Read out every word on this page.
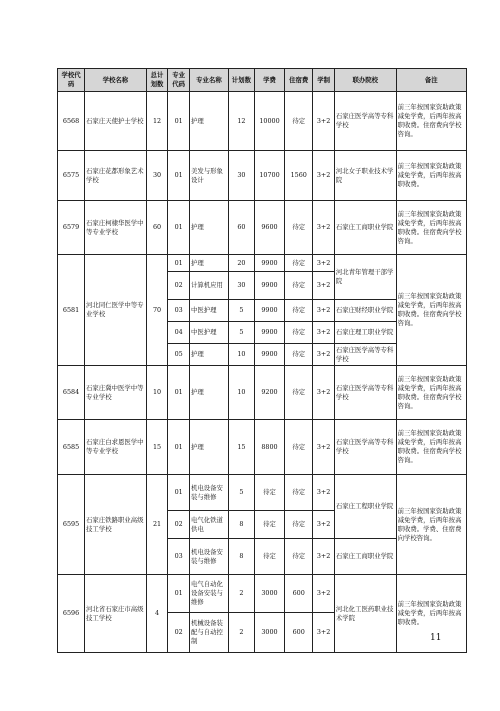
学校代码	学校名称	总计划数	专业代码	专业名称	计划数	学费	住宿费	学制	联办院校	备注
6568	石家庄天使护士学校	12	01	护理	12	10000	待定	3+2	石家庄医学高等专科学校	前三年按国家资助政策减免学费，后两年按高职收费。住宿费向学校咨询。
6575	石家庄花都形象艺术学校	30	01	美发与形象设计	30	10700	1560	3+2	河北女子职业技术学院	前三年按国家资助政策减免学费，后两年按高职收费。
6579	石家庄柯棣华医学中等专业学校	60	01	护理	60	9600	待定	3+2	石家庄工商职业学院	前三年按国家资助政策减免学费，后两年按高职收费。住宿费向学校咨询。
6581	河北同仁医学中等专业学校	70	01	护理	20	9900	待定	3+2	河北青年管理干部学院	前三年按国家资助政策减免学费，后两年按高职收费。住宿费向学校咨询。
			02	计算机应用	30	9900	待定	3+2		
			03	中医护理	5	9900	待定	3+2	石家庄财经职业学院	
			04	中医护理	5	9900	待定	3+2	石家庄理工职业学院	
			05	护理	10	9900	待定	3+2	石家庄医学高等专科学校	
6584	石家庄冀中医学中等专业学校	10	01	护理	10	9200	待定	3+2	石家庄医学高等专科学校	前三年按国家资助政策减免学费，后两年按高职收费。住宿费向学校咨询。
6585	石家庄白求恩医学中等专业学校	15	01	护理	15	8800	待定	3+2	石家庄医学高等专科学校	前三年按国家资助政策减免学费，后两年按高职收费。住宿费向学校咨询。
6595	石家庄铁路职业高级技工学校	21	01	机电设备安装与维修	5	待定	待定	3+2	石家庄工程职业学院	前三年按国家资助政策减免学费，后两年按高职收费。学费、住宿费向学校咨询。
			02	电气化铁道供电	8	待定	待定	3+2		
			03	机电设备安装与维修	8	待定	待定	3+2	石家庄工商职业学院	
6596	河北省石家庄市高级技工学校	4	01	电气自动化设备安装与维修	2	3000	600	3+2	河北化工医药职业技术学院	前三年按国家资助政策减免学费，后两年按高职收费。
			02	机械设备装配与自动控制	2	3000	600	3+2		
11
